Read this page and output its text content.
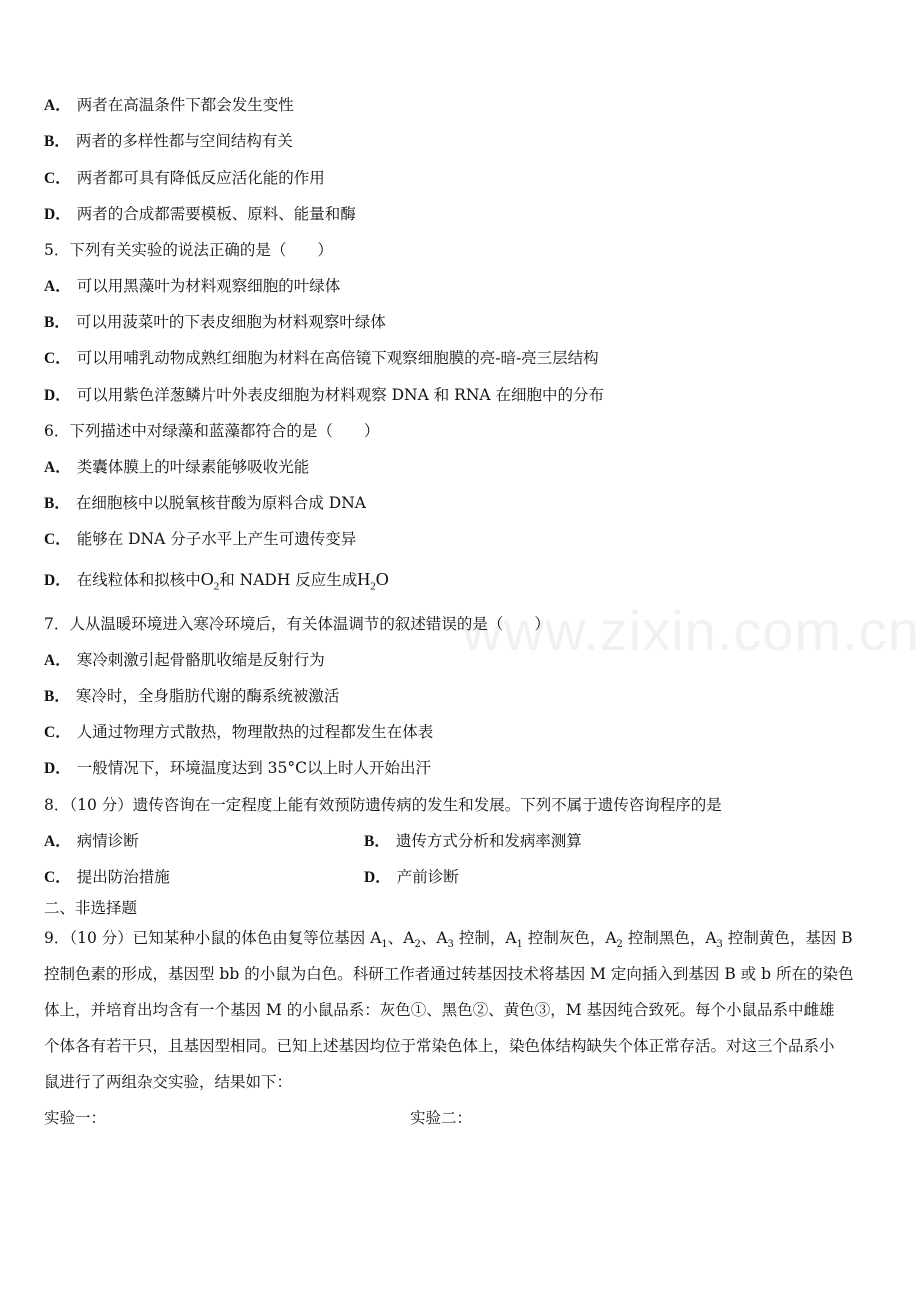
www.zixin.com.cn
A． 两者在高温条件下都会发生变性
B． 两者的多样性都与空间结构有关
C． 两者都可具有降低反应活化能的作用
D． 两者的合成都需要模板、原料、能量和酶
5．下列有关实验的说法正确的是（　　）
A． 可以用黑藻叶为材料观察细胞的叶绿体
B． 可以用菠菜叶的下表皮细胞为材料观察叶绿体
C． 可以用哺乳动物成熟红细胞为材料在高倍镜下观察细胞膜的亮-暗-亮三层结构
D． 可以用紫色洋葱鳞片叶外表皮细胞为材料观察 DNA 和 RNA 在细胞中的分布
6．下列描述中对绿藻和蓝藻都符合的是（　　）
A． 类囊体膜上的叶绿素能够吸收光能
B． 在细胞核中以脱氧核苷酸为原料合成 DNA
C． 能够在 DNA 分子水平上产生可遗传变异
D． 在线粒体和拟核中$O_2$和 NADH 反应生成$H_2O$
7．人从温暖环境进入寒冷环境后，有关体温调节的叙述错误的是（　　）
A． 寒冷刺激引起骨骼肌收缩是反射行为
B． 寒冷时，全身脂肪代谢的酶系统被激活
C． 人通过物理方式散热，物理散热的过程都发生在体表
D． 一般情况下，环境温度达到 35°C以上时人开始出汗
8．（10 分）遗传咨询在一定程度上能有效预防遗传病的发生和发展。下列不属于遗传咨询程序的是
A． 病情诊断	B． 遗传方式分析和发病率测算
C． 提出防治措施	D． 产前诊断
二、非选择题
9．（10 分）已知某种小鼠的体色由复等位基因 $A_1$、$A_2$、$A_3$ 控制，$A_1$ 控制灰色，$A_2$ 控制黑色，$A_3$ 控制黄色，基因 B
控制色素的形成，基因型 bb 的小鼠为白色。科研工作者通过转基因技术将基因 M 定向插入到基因 B 或 b 所在的染色
体上，并培育出均含有一个基因 M 的小鼠品系：灰色①、黑色②、黄色③，M 基因纯合致死。每个小鼠品系中雌雄
个体各有若干只，且基因型相同。已知上述基因均位于常染色体上，染色体结构缺失个体正常存活。对这三个品系小
鼠进行了两组杂交实验，结果如下：
实验一：	实验二：
